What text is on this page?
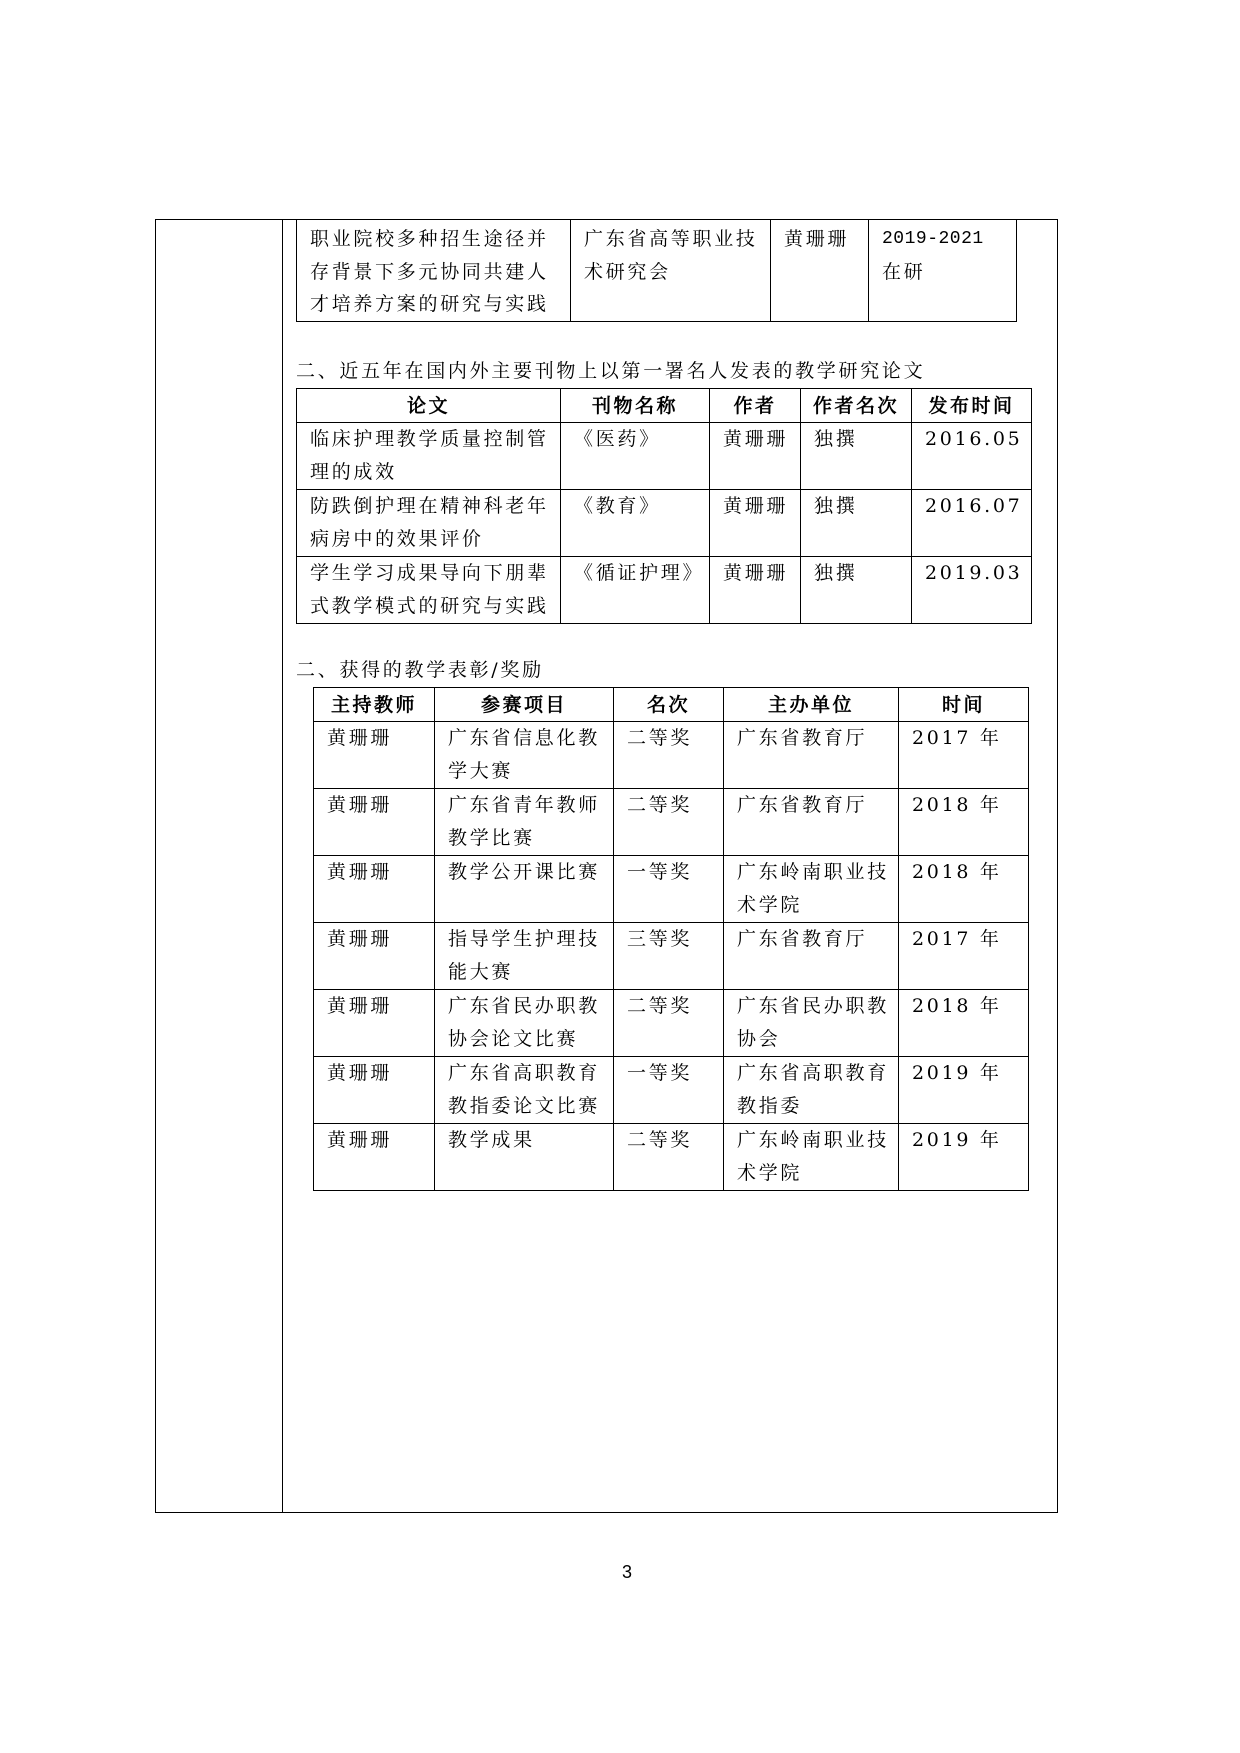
职业院校多种招生途径并存背景下多元协同共建人才培养方案的研究与实践	广东省高等职业技术研究会	黄珊珊	2019-2021
在研
二、近五年在国内外主要刊物上以第一署名人发表的教学研究论文
论文	刊物名称	作者	作者名次	发布时间
临床护理教学质量控制管理的成效	《医药》	黄珊珊	独撰	2016.05
防跌倒护理在精神科老年病房中的效果评价	《教育》	黄珊珊	独撰	2016.07
学生学习成果导向下朋辈式教学模式的研究与实践	《循证护理》	黄珊珊	独撰	2019.03
二、获得的教学表彰/奖励
主持教师	参赛项目	名次	主办单位	时间
黄珊珊	广东省信息化教学大赛	二等奖	广东省教育厅	2017 年
黄珊珊	广东省青年教师教学比赛	二等奖	广东省教育厅	2018 年
黄珊珊	教学公开课比赛	一等奖	广东岭南职业技术学院	2018 年
黄珊珊	指导学生护理技能大赛	三等奖	广东省教育厅	2017 年
黄珊珊	广东省民办职教协会论文比赛	二等奖	广东省民办职教协会	2018 年
黄珊珊	广东省高职教育教指委论文比赛	一等奖	广东省高职教育教指委	2019 年
黄珊珊	教学成果	二等奖	广东岭南职业技术学院	2019 年
3
